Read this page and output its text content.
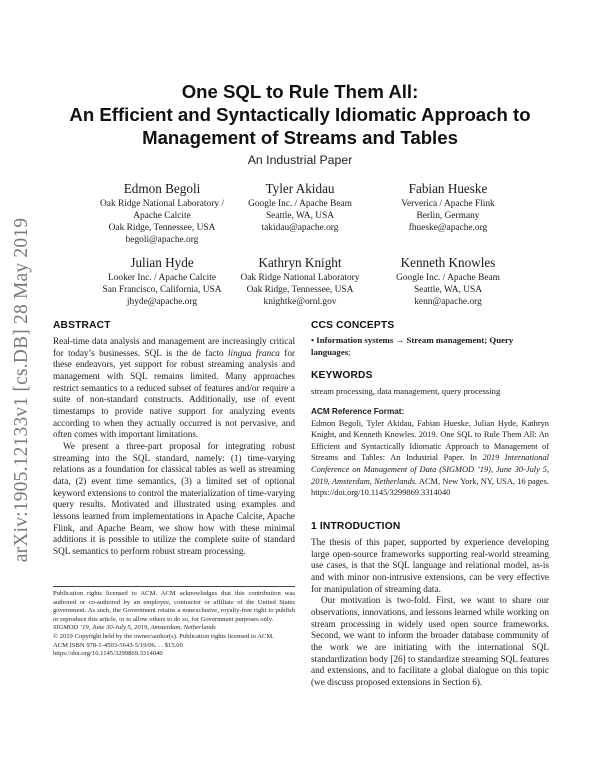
arXiv:1905.12133v1 [cs.DB] 28 May 2019
One SQL to Rule Them All:
An Efficient and Syntactically Idiomatic Approach to
Management of Streams and Tables
An Industrial Paper
Edmon Begoli
Oak Ridge National Laboratory /
Apache Calcite
Oak Ridge, Tennessee, USA
begoli@apache.org
Tyler Akidau
Google Inc. / Apache Beam
Seattle, WA, USA
takidau@apache.org
Fabian Hueske
Ververica / Apache Flink
Berlin, Germany
fhueske@apache.org
Julian Hyde
Looker Inc. / Apache Calcite
San Francisco, California, USA
jhyde@apache.org
Kathryn Knight
Oak Ridge National Laboratory
Oak Ridge, Tennessee, USA
knightke@ornl.gov
Kenneth Knowles
Google Inc. / Apache Beam
Seattle, WA, USA
kenn@apache.org
ABSTRACT

Real-time data analysis and management are increasingly critical for today’s businesses. SQL is the de facto lingua franca for these endeavors, yet support for robust streaming analysis and management with SQL remains limited. Many approaches restrict semantics to a reduced subset of features and/or require a suite of non-standard constructs. Additionally, use of event timestamps to provide native support for analyzing events according to when they actually occurred is not pervasive, and often comes with important limitations.

We present a three-part proposal for integrating robust streaming into the SQL standard, namely: (1) time-varying relations as a foundation for classical tables as well as streaming data, (2) event time semantics, (3) a limited set of optional keyword extensions to control the materialization of time-varying query results. Motivated and illustrated using examples and lessons learned from implementations in Apache Calcite, Apache Flink, and Apache Beam, we show how with these minimal additions it is possible to utilize the complete suite of standard SQL semantics to perform robust stream processing.

Publication rights licensed to ACM. ACM acknowledges that this contribution was authored or co-authored by an employee, contractor or affiliate of the United States government. As such, the Government retains a nonexclusive, royalty-free right to publish or reproduce this article, or to allow others to do so, for Government purposes only.

SIGMOD ’19, June 30-July 5, 2019, Amsterdam, Netherlands

© 2019 Copyright held by the owner/author(s). Publication rights licensed to ACM.

ACM ISBN 978-1-4503-5643-5/19/06. . . $15.00

https://doi.org/10.1145/3299869.3314040

CCS CONCEPTS

• Information systems → Stream management; Query languages;

KEYWORDS
stream processing, data management, query processing
ACM Reference Format:

Edmon Begoli, Tyler Akidau, Fabian Hueske, Julian Hyde, Kathryn Knight, and Kenneth Knowles. 2019. One SQL to Rule Them All: An Efficient and Syntactically Idiomatic Approach to Management of Streams and Tables: An Industrial Paper. In 2019 International Conference on Management of Data (SIGMOD ’19), June 30-July 5, 2019, Amsterdam, Netherlands. ACM, New York, NY, USA, 16 pages. https://doi.org/10.1145/3299869.3314040

1 INTRODUCTION

The thesis of this paper, supported by experience developing large open-source frameworks supporting real-world streaming use cases, is that the SQL language and relational model, as-is and with minor non-intrusive extensions, can be very effective for manipulation of streaming data.

Our motivation is two-fold. First, we want to share our observations, innovations, and lessons learned while working on stream processing in widely used open source frameworks. Second, we want to inform the broader database community of the work we are initiating with the international SQL standardization body [26] to standardize streaming SQL features and extensions, and to facilitate a global dialogue on this topic (we discuss proposed extensions in Section 6).
